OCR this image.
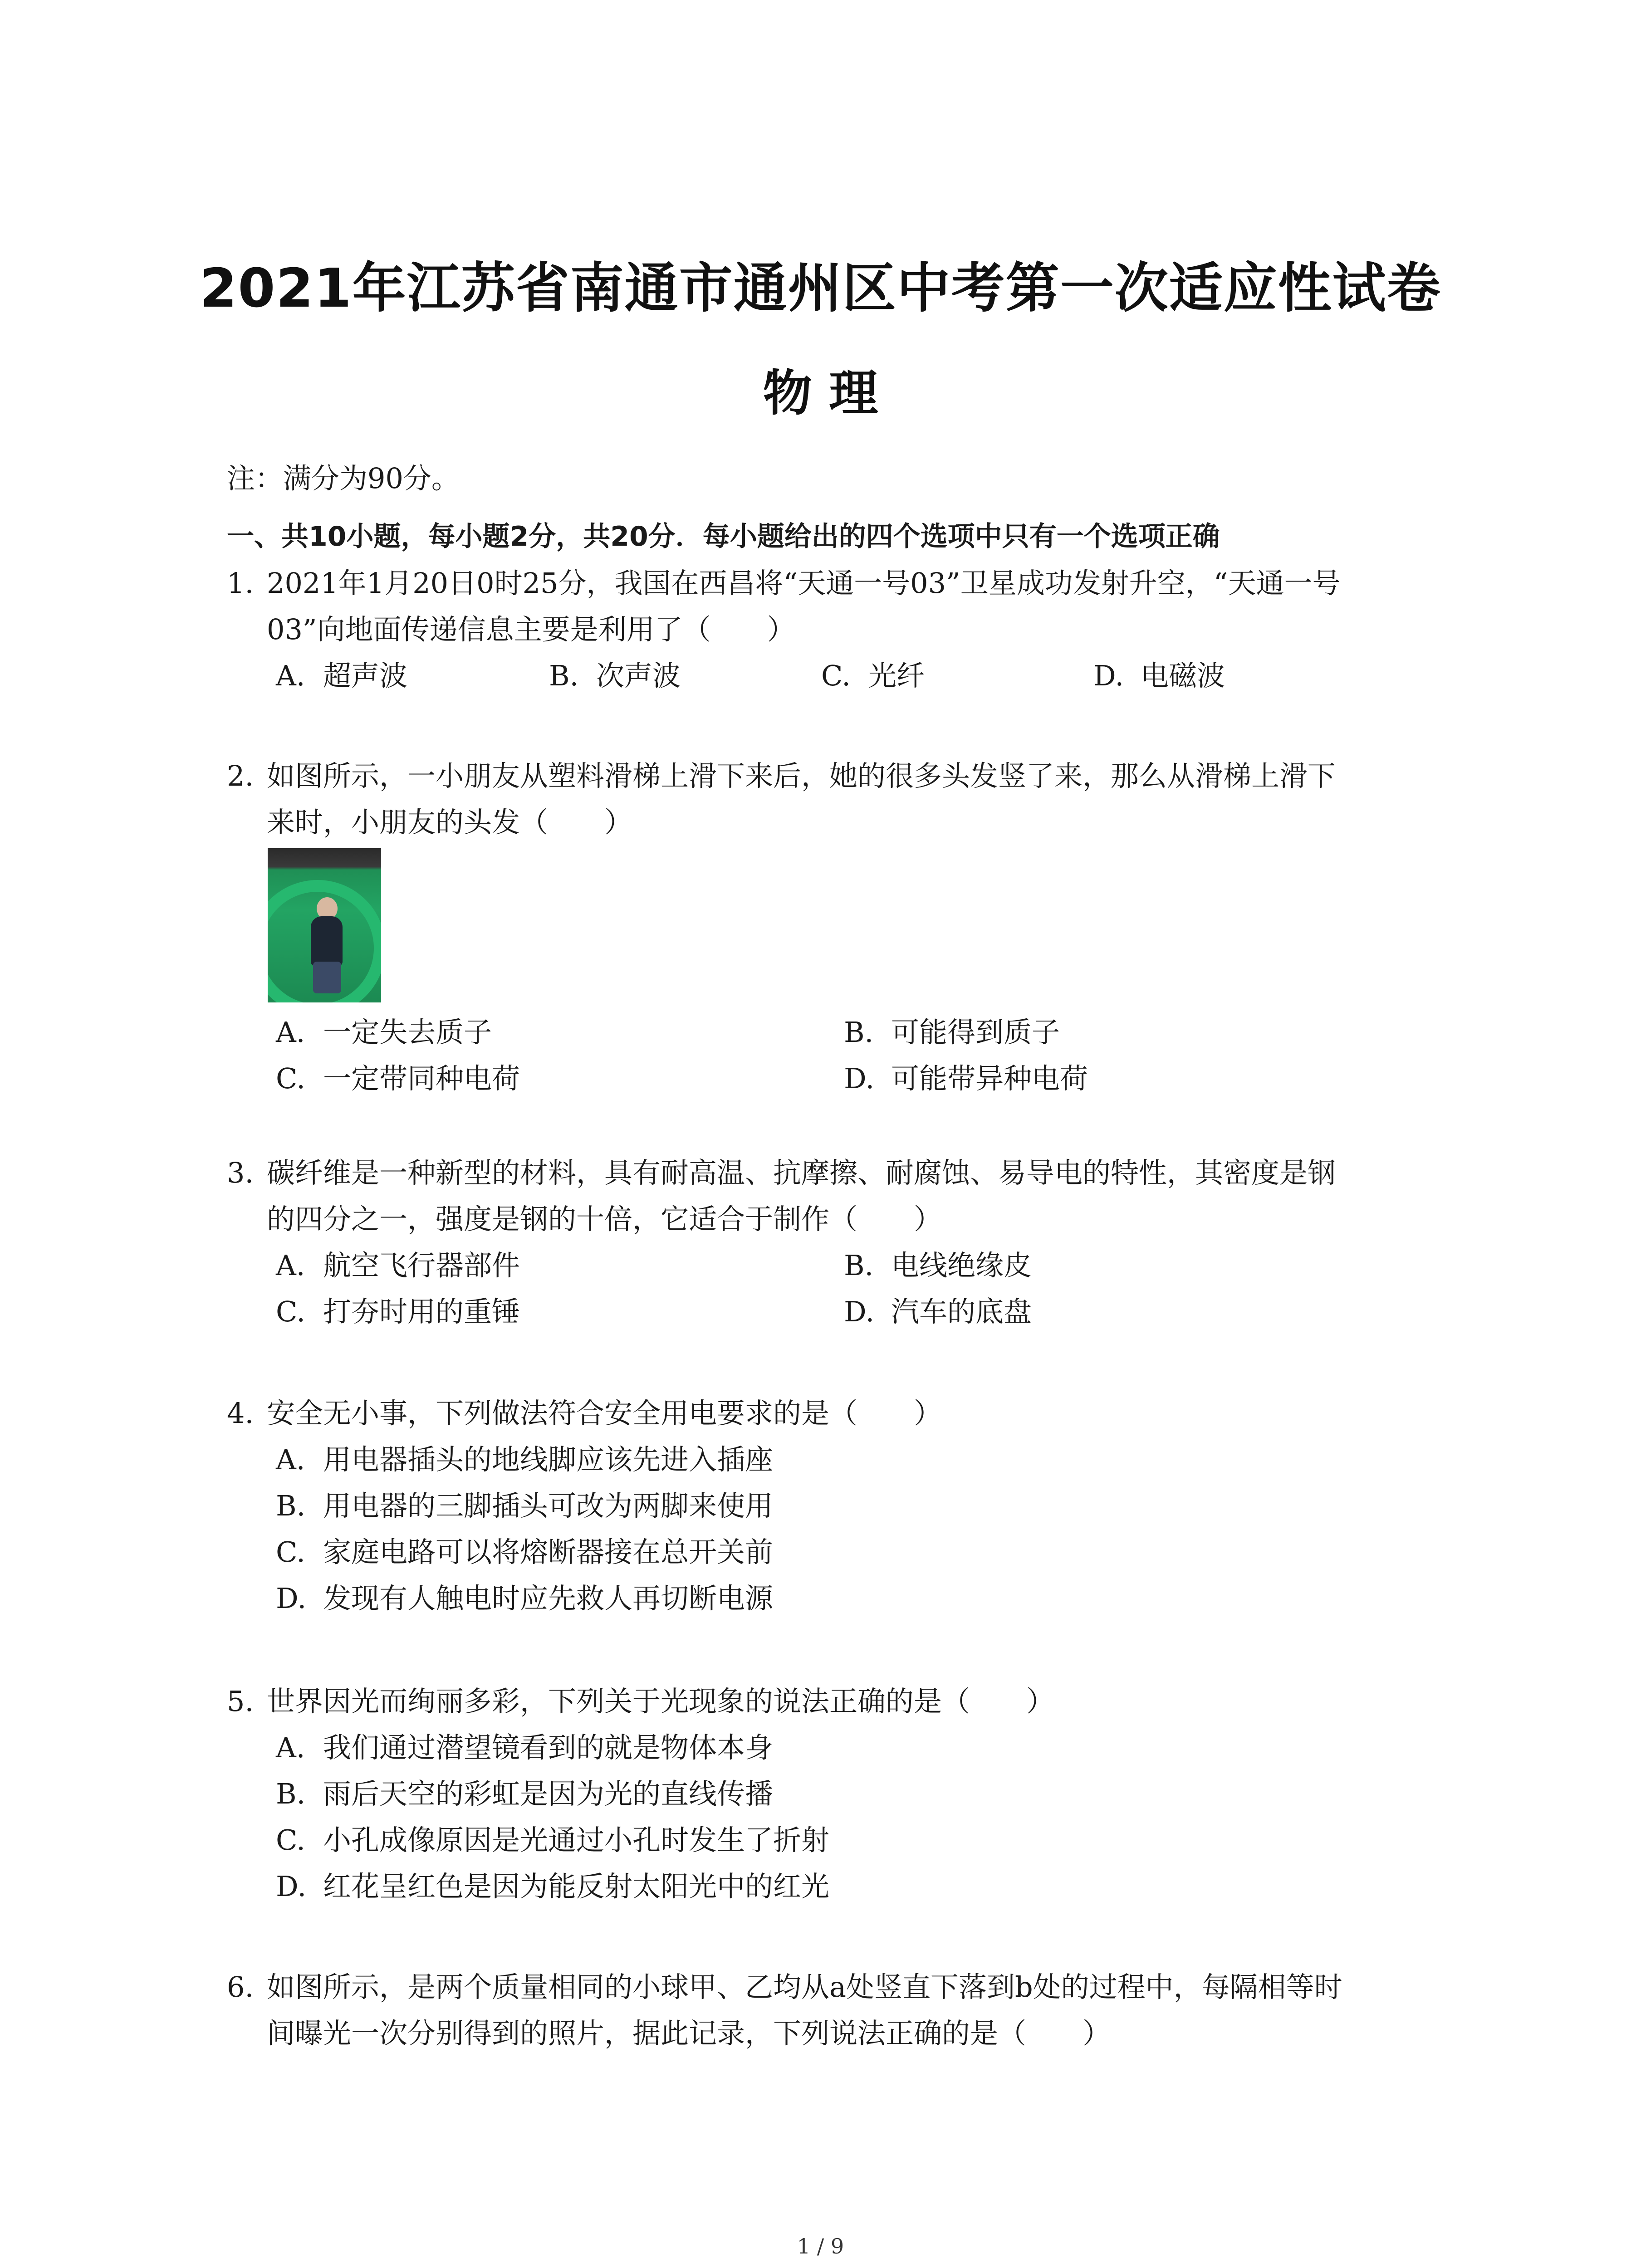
2021年江苏省南通市通州区中考第一次适应性试卷
物 理
注：满分为90分。
一、共10小题，每小题2分，共20分．每小题给出的四个选项中只有一个选项正确
1. 2021年1月20日0时25分，我国在西昌将“天通一号03”卫星成功发射升空，“天通一号
03”向地面传递信息主要是利用了（　　）
A. 超声波	B. 次声波	C. 光纤	D. 电磁波
2. 如图所示，一小朋友从塑料滑梯上滑下来后，她的很多头发竖了来，那么从滑梯上滑下
来时，小朋友的头发（　　）
A. 一定失去质子	B. 可能得到质子
C. 一定带同种电荷	D. 可能带异种电荷
3. 碳纤维是一种新型的材料，具有耐高温、抗摩擦、耐腐蚀、易导电的特性，其密度是钢
的四分之一，强度是钢的十倍，它适合于制作（　　）
A. 航空飞行器部件	B. 电线绝缘皮
C. 打夯时用的重锤	D. 汽车的底盘
4. 安全无小事，下列做法符合安全用电要求的是（　　）
A. 用电器插头的地线脚应该先进入插座
B. 用电器的三脚插头可改为两脚来使用
C. 家庭电路可以将熔断器接在总开关前
D. 发现有人触电时应先救人再切断电源
5. 世界因光而绚丽多彩，下列关于光现象的说法正确的是（　　）
A. 我们通过潜望镜看到的就是物体本身
B. 雨后天空的彩虹是因为光的直线传播
C. 小孔成像原因是光通过小孔时发生了折射
D. 红花呈红色是因为能反射太阳光中的红光
6. 如图所示，是两个质量相同的小球甲、乙均从a处竖直下落到b处的过程中，每隔相等时
间曝光一次分别得到的照片，据此记录，下列说法正确的是（　　）
1 / 9
